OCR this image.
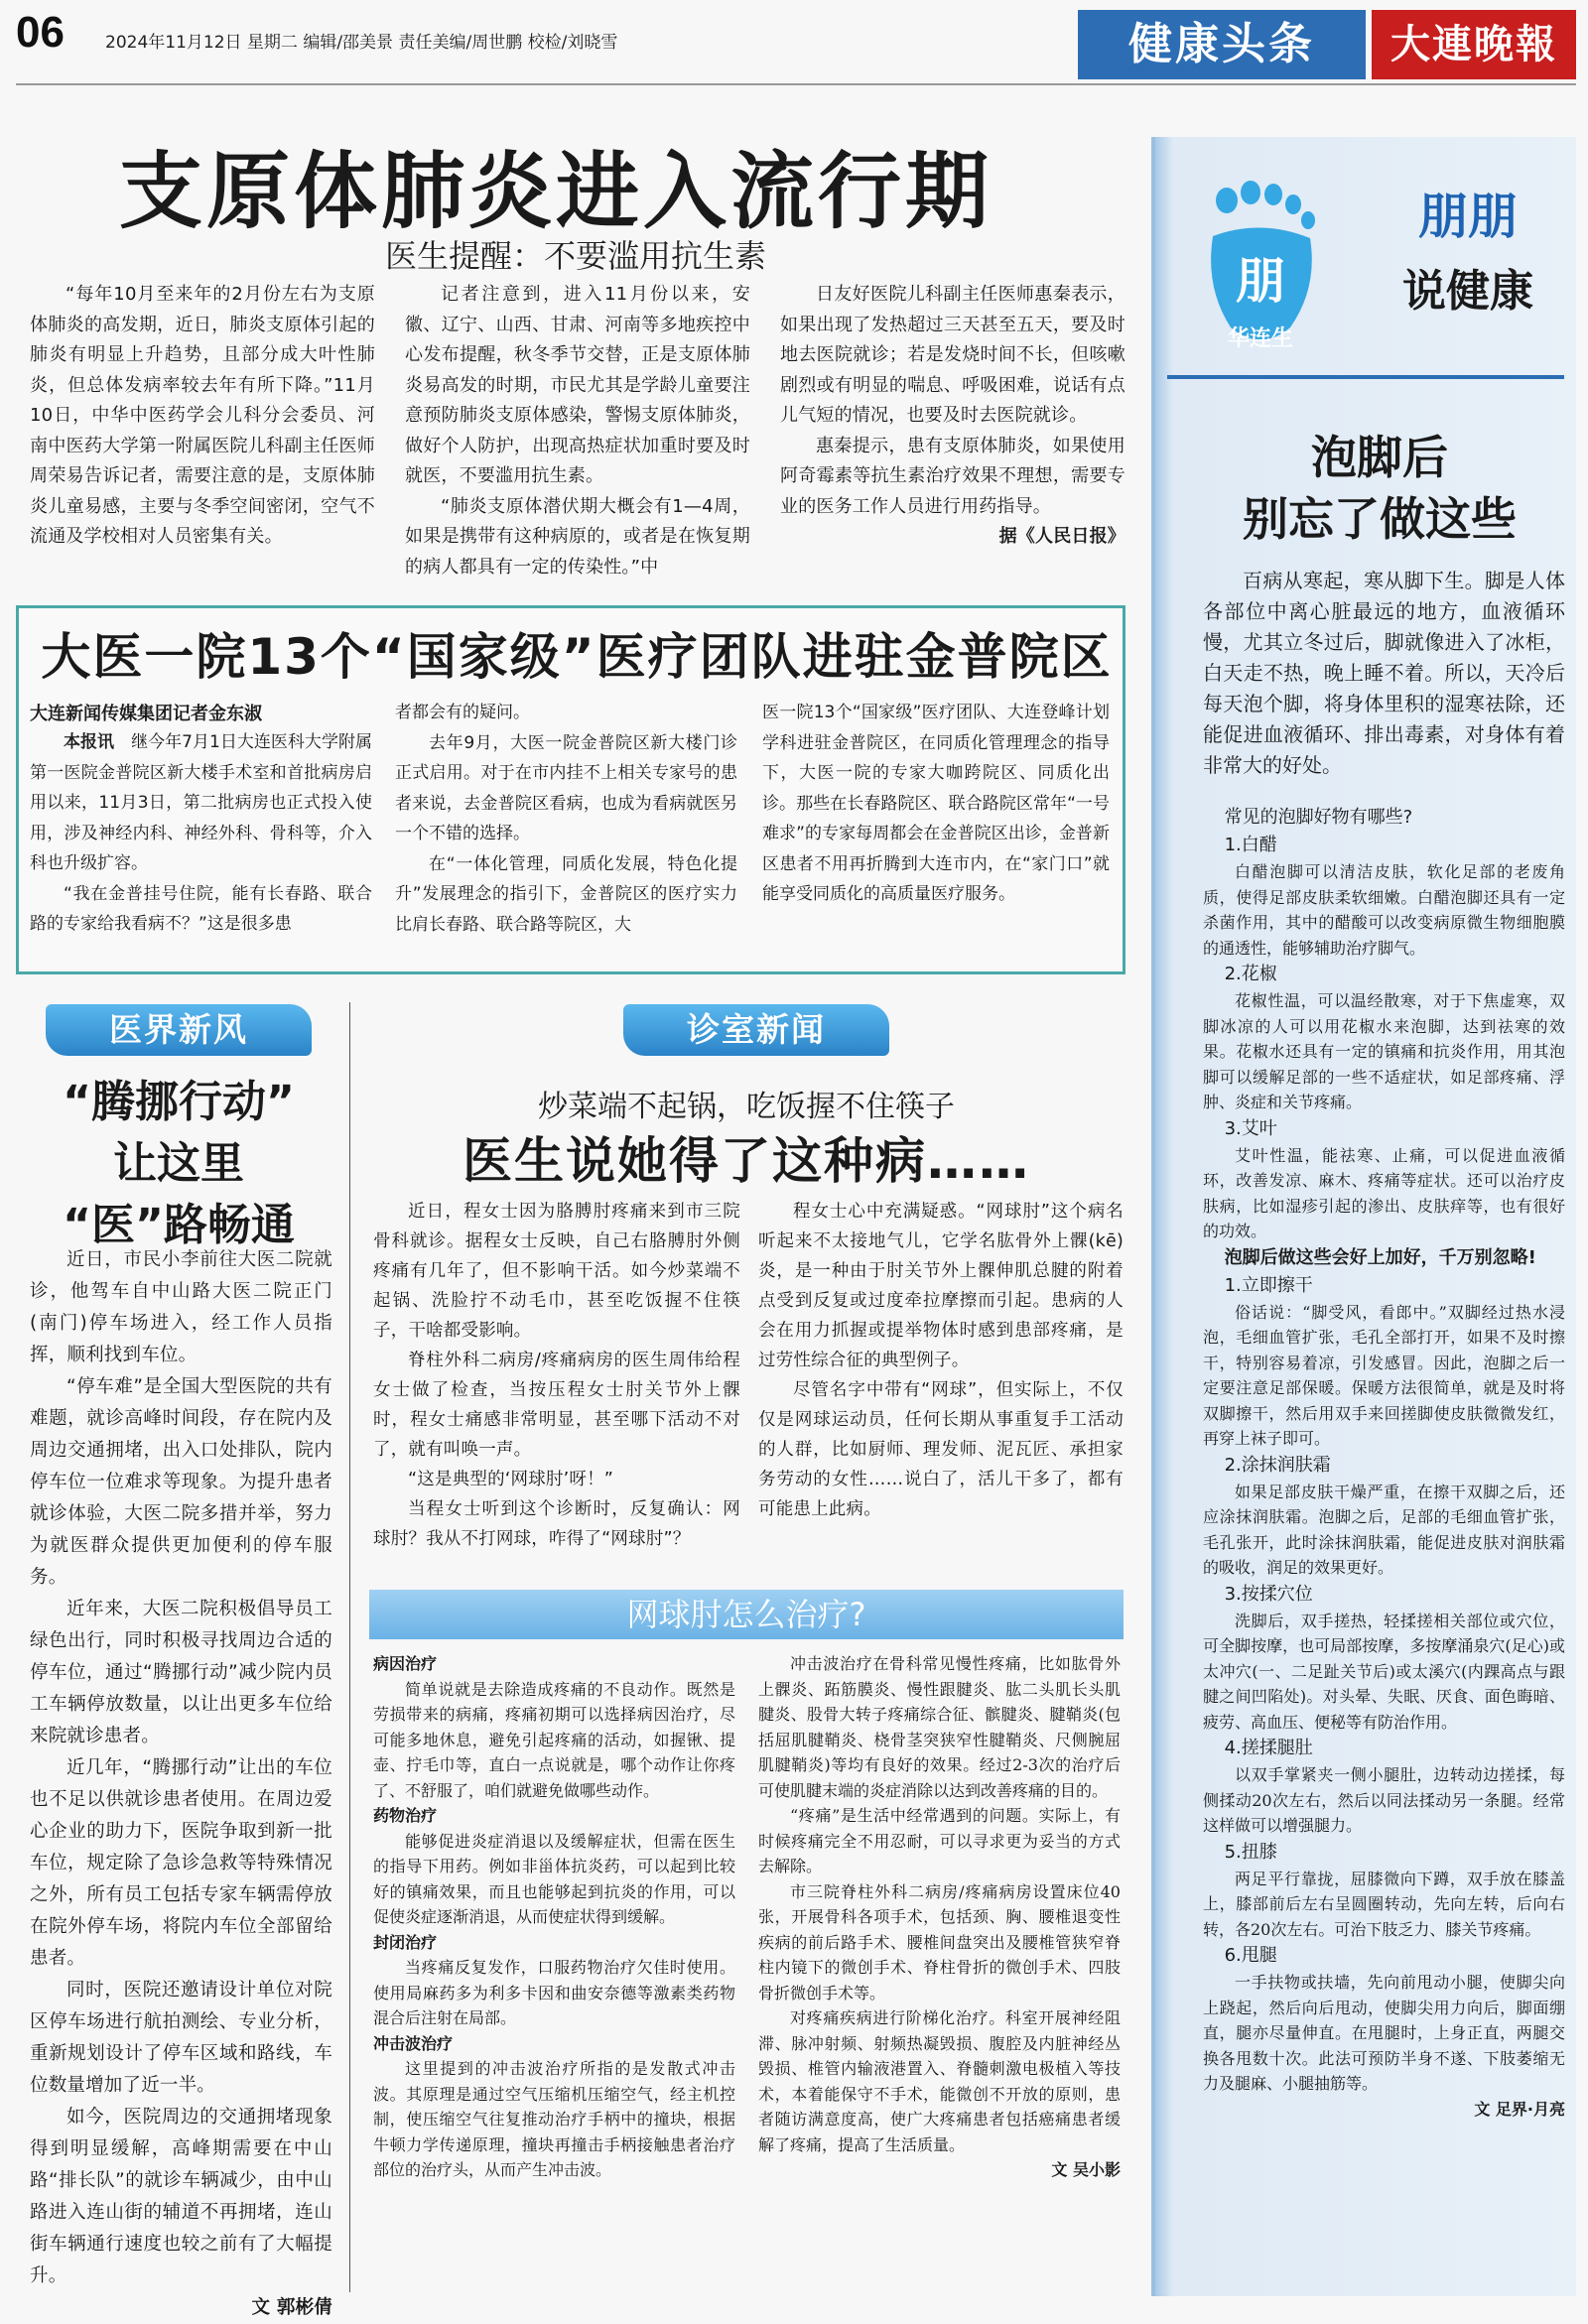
06 2024年11月12日 星期二 编辑/邵美景 责任美编/周世鹏 校检/刘晓雪	健康头条	大連晚報
支原体肺炎进入流行期
医生提醒：不要滥用抗生素

“每年10月至来年的2月份左右为支原体肺炎的高发期，近日，肺炎支原体引起的肺炎有明显上升趋势，且部分成大叶性肺炎，但总体发病率较去年有所下降。”11月10日，中华中医药学会儿科分会委员、河南中医药大学第一附属医院儿科副主任医师周荣易告诉记者，需要注意的是，支原体肺炎儿童易感，主要与冬季空间密闭，空气不流通及学校相对人员密集有关。

记者注意到，进入11月份以来，安徽、辽宁、山西、甘肃、河南等多地疾控中心发布提醒，秋冬季节交替，正是支原体肺炎易高发的时期，市民尤其是学龄儿童要注意预防肺炎支原体感染，警惕支原体肺炎，做好个人防护，出现高热症状加重时要及时就医，不要滥用抗生素。

“肺炎支原体潜伏期大概会有1—4周，如果是携带有这种病原的，或者是在恢复期的病人都具有一定的传染性。”中

日友好医院儿科副主任医师惠秦表示，如果出现了发热超过三天甚至五天，要及时地去医院就诊；若是发烧时间不长，但咳嗽剧烈或有明显的喘息、呼吸困难，说话有点儿气短的情况，也要及时去医院就诊。

惠秦提示，患有支原体肺炎，如果使用阿奇霉素等抗生素治疗效果不理想，需要专业的医务工作人员进行用药指导。

据《人民日报》
大医一院13个“国家级”医疗团队进驻金普院区
大连新闻传媒集团记者金东淑

本报讯  继今年7月1日大连医科大学附属第一医院金普院区新大楼手术室和首批病房启用以来，11月3日，第二批病房也正式投入使用，涉及神经内科、神经外科、骨科等，介入科也升级扩容。

“我在金普挂号住院，能有长春路、联合路的专家给我看病不？”这是很多患

者都会有的疑问。

去年9月，大医一院金普院区新大楼门诊正式启用。对于在市内挂不上相关专家号的患者来说，去金普院区看病，也成为看病就医另一个不错的选择。

在“一体化管理，同质化发展，特色化提升”发展理念的指引下，金普院区的医疗实力比肩长春路、联合路等院区，大

医一院13个“国家级”医疗团队、大连登峰计划学科进驻金普院区，在同质化管理理念的指导下，大医一院的专家大咖跨院区、同质化出诊。那些在长春路院区、联合路院区常年“一号难求”的专家每周都会在金普院区出诊，金普新区患者不用再折腾到大连市内，在“家门口”就能享受同质化的高质量医疗服务。

医界新风
“腾挪行动”
让这里
“医”路畅通

近日，市民小李前往大医二院就诊，他驾车自中山路大医二院正门(南门)停车场进入，经工作人员指挥，顺利找到车位。

“停车难”是全国大型医院的共有难题，就诊高峰时间段，存在院内及周边交通拥堵，出入口处排队，院内停车位一位难求等现象。为提升患者就诊体验，大医二院多措并举，努力为就医群众提供更加便利的停车服务。

近年来，大医二院积极倡导员工绿色出行，同时积极寻找周边合适的停车位，通过“腾挪行动”减少院内员工车辆停放数量，以让出更多车位给来院就诊患者。

近几年，“腾挪行动”让出的车位也不足以供就诊患者使用。在周边爱心企业的助力下，医院争取到新一批车位，规定除了急诊急救等特殊情况之外，所有员工包括专家车辆需停放在院外停车场，将院内车位全部留给患者。

同时，医院还邀请设计单位对院区停车场进行航拍测绘、专业分析，重新规划设计了停车区域和路线，车位数量增加了近一半。

如今，医院周边的交通拥堵现象得到明显缓解，高峰期需要在中山路“排长队”的就诊车辆减少，由中山路进入连山街的辅道不再拥堵，连山街车辆通行速度也较之前有了大幅提升。

文 郭彬倩
诊室新闻
炒菜端不起锅，吃饭握不住筷子
医生说她得了这种病……

近日，程女士因为胳膊肘疼痛来到市三院骨科就诊。据程女士反映，自己右胳膊肘外侧疼痛有几年了，但不影响干活。如今炒菜端不起锅、洗脸拧不动毛巾，甚至吃饭握不住筷子，干啥都受影响。

脊柱外科二病房/疼痛病房的医生周伟给程女士做了检查，当按压程女士肘关节外上髁时，程女士痛感非常明显，甚至哪下活动不对了，就有叫唤一声。

“这是典型的‘网球肘’呀！”

当程女士听到这个诊断时，反复确认：网球肘？我从不打网球，咋得了“网球肘”？

程女士心中充满疑惑。“网球肘”这个病名听起来不太接地气儿，它学名肱骨外上髁(kē)炎，是一种由于肘关节外上髁伸肌总腱的附着点受到反复或过度牵拉摩擦而引起。患病的人会在用力抓握或提举物体时感到患部疼痛，是过劳性综合征的典型例子。

尽管名字中带有“网球”，但实际上，不仅仅是网球运动员，任何长期从事重复手工活动的人群，比如厨师、理发师、泥瓦匠、承担家务劳动的女性……说白了，活儿干多了，都有可能患上此病。

网球肘怎么治疗?

病因治疗

简单说就是去除造成疼痛的不良动作。既然是劳损带来的病痛，疼痛初期可以选择病因治疗，尽可能多地休息，避免引起疼痛的活动，如握锹、提壶、拧毛巾等，直白一点说就是，哪个动作让你疼了、不舒服了，咱们就避免做哪些动作。

药物治疗

能够促进炎症消退以及缓解症状，但需在医生的指导下用药。例如非甾体抗炎药，可以起到比较好的镇痛效果，而且也能够起到抗炎的作用，可以促使炎症逐渐消退，从而使症状得到缓解。

封闭治疗

当疼痛反复发作，口服药物治疗欠佳时使用。使用局麻药多为利多卡因和曲安奈德等激素类药物混合后注射在局部。

冲击波治疗

这里提到的冲击波治疗所指的是发散式冲击波。其原理是通过空气压缩机压缩空气，经主机控制，使压缩空气往复推动治疗手柄中的撞块，根据牛顿力学传递原理，撞块再撞击手柄接触患者治疗部位的治疗头，从而产生冲击波。

冲击波治疗在骨科常见慢性疼痛，比如肱骨外上髁炎、跖筋膜炎、慢性跟腱炎、肱二头肌长头肌腱炎、股骨大转子疼痛综合征、髌腱炎、腱鞘炎(包括屈肌腱鞘炎、桡骨茎突狭窄性腱鞘炎、尺侧腕屈肌腱鞘炎)等均有良好的效果。经过2-3次的治疗后可使肌腱末端的炎症消除以达到改善疼痛的目的。

“疼痛”是生活中经常遇到的问题。实际上，有时候疼痛完全不用忍耐，可以寻求更为妥当的方式去解除。

市三院脊柱外科二病房/疼痛病房设置床位40张，开展骨科各项手术，包括颈、胸、腰椎退变性疾病的前后路手术、腰椎间盘突出及腰椎管狭窄脊柱内镜下的微创手术、脊柱骨折的微创手术、四肢骨折微创手术等。

对疼痛疾病进行阶梯化治疗。科室开展神经阻滞、脉冲射频、射频热凝毁损、腹腔及内脏神经丛毁损、椎管内输液港置入、脊髓刺激电极植入等技术，本着能保守不手术，能微创不开放的原则，患者随访满意度高，使广大疼痛患者包括癌痛患者缓解了疼痛，提高了生活质量。

文 吴小影
朋
华连生
朋朋
说健康
泡脚后
别忘了做这些

百病从寒起，寒从脚下生。脚是人体各部位中离心脏最远的地方，血液循环慢，尤其立冬过后，脚就像进入了冰柜，白天走不热，晚上睡不着。所以，天冷后每天泡个脚，将身体里积的湿寒祛除，还能促进血液循环、排出毒素，对身体有着非常大的好处。

常见的泡脚好物有哪些?
1.白醋

白醋泡脚可以清洁皮肤，软化足部的老废角质，使得足部皮肤柔软细嫩。白醋泡脚还具有一定杀菌作用，其中的醋酸可以改变病原微生物细胞膜的通透性，能够辅助治疗脚气。

2.花椒

花椒性温，可以温经散寒，对于下焦虚寒，双脚冰凉的人可以用花椒水来泡脚，达到祛寒的效果。花椒水还具有一定的镇痛和抗炎作用，用其泡脚可以缓解足部的一些不适症状，如足部疼痛、浮肿、炎症和关节疼痛。

3.艾叶

艾叶性温，能祛寒、止痛，可以促进血液循环，改善发凉、麻木、疼痛等症状。还可以治疗皮肤病，比如湿疹引起的渗出、皮肤痒等，也有很好的功效。

泡脚后做这些会好上加好，千万别忽略!
1.立即擦干

俗话说：“脚受风，看郎中。”双脚经过热水浸泡，毛细血管扩张，毛孔全部打开，如果不及时擦干，特别容易着凉，引发感冒。因此，泡脚之后一定要注意足部保暖。保暖方法很简单，就是及时将双脚擦干，然后用双手来回搓脚使皮肤微微发红，再穿上袜子即可。

2.涂抹润肤霜

如果足部皮肤干燥严重，在擦干双脚之后，还应涂抹润肤霜。泡脚之后，足部的毛细血管扩张，毛孔张开，此时涂抹润肤霜，能促进皮肤对润肤霜的吸收，润足的效果更好。

3.按揉穴位

洗脚后，双手搓热，轻揉搓相关部位或穴位，可全脚按摩，也可局部按摩，多按摩涌泉穴(足心)或太冲穴(一、二足趾关节后)或太溪穴(内踝高点与跟腱之间凹陷处)。对头晕、失眠、厌食、面色晦暗、疲劳、高血压、便秘等有防治作用。

4.搓揉腿肚

以双手掌紧夹一侧小腿肚，边转动边搓揉，每侧揉动20次左右，然后以同法揉动另一条腿。经常这样做可以增强腿力。

5.扭膝

两足平行靠拢，屈膝微向下蹲，双手放在膝盖上，膝部前后左右呈圆圈转动，先向左转，后向右转，各20次左右。可治下肢乏力、膝关节疼痛。

6.甩腿

一手扶物或扶墙，先向前甩动小腿，使脚尖向上跷起，然后向后甩动，使脚尖用力向后，脚面绷直，腿亦尽量伸直。在甩腿时，上身正直，两腿交换各甩数十次。此法可预防半身不遂、下肢萎缩无力及腿麻、小腿抽筋等。

文 足界·月亮
